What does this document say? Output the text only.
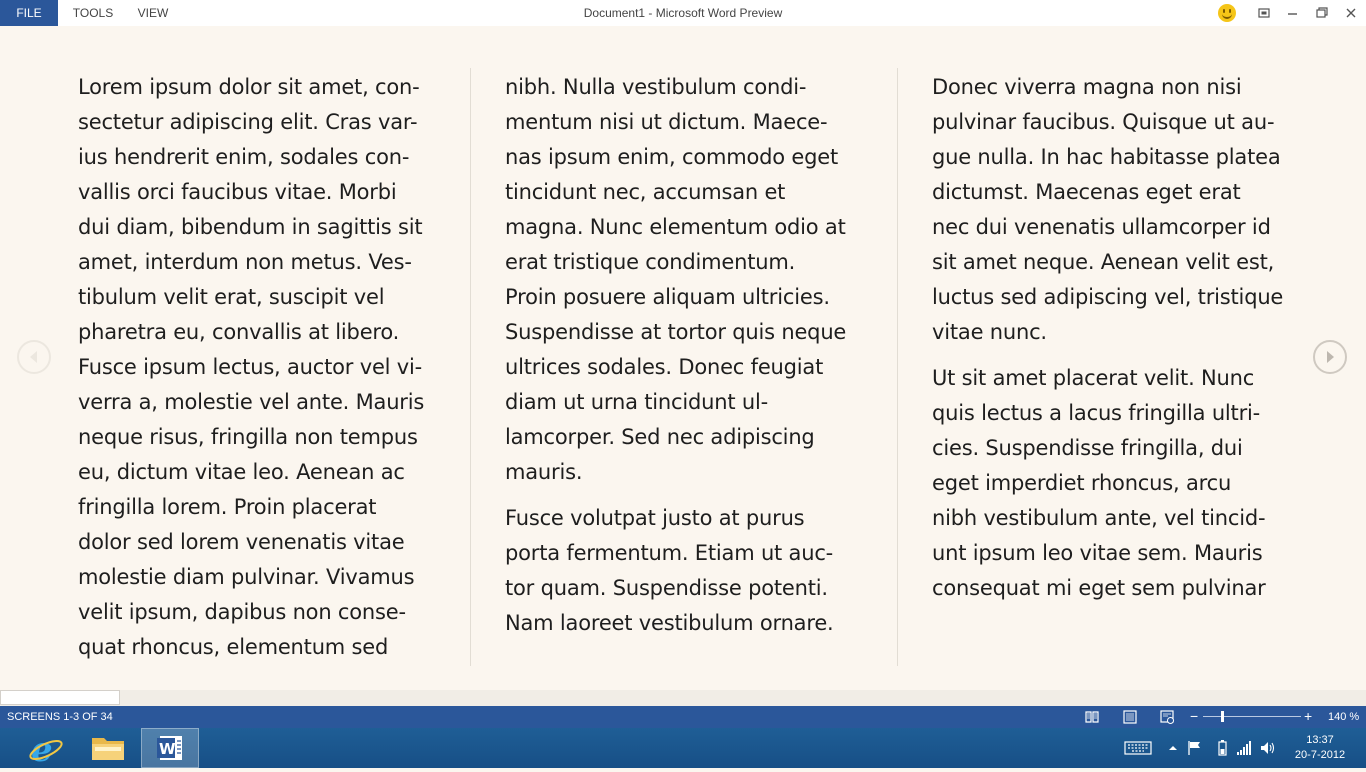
FILE	TOOLS	VIEW	Document1 - Microsoft Word Preview

Lorem ipsum dolor sit amet, con-
sectetur adipiscing elit. Cras var-
ius hendrerit enim, sodales con-
vallis orci faucibus vitae. Morbi
dui diam, bibendum in sagittis sit
amet, interdum non metus. Ves-
tibulum velit erat, suscipit vel
pharetra eu, convallis at libero.
Fusce ipsum lectus, auctor vel vi-
verra a, molestie vel ante. Mauris
neque risus, fringilla non tempus
eu, dictum vitae leo. Aenean ac
fringilla lorem. Proin placerat
dolor sed lorem venenatis vitae
molestie diam pulvinar. Vivamus
velit ipsum, dapibus non conse-
quat rhoncus, elementum sed

nibh. Nulla vestibulum condi-
mentum nisi ut dictum. Maece-
nas ipsum enim, commodo eget
tincidunt nec, accumsan et
magna. Nunc elementum odio at
erat tristique condimentum.
Proin posuere aliquam ultricies.
Suspendisse at tortor quis neque
ultrices sodales. Donec feugiat
diam ut urna tincidunt ul-
lamcorper. Sed nec adipiscing
mauris.

Fusce volutpat justo at purus
porta fermentum. Etiam ut auc-
tor quam. Suspendisse potenti.
Nam laoreet vestibulum ornare.

Donec viverra magna non nisi
pulvinar faucibus. Quisque ut au-
gue nulla. In hac habitasse platea
dictumst. Maecenas eget erat
nec dui venenatis ullamcorper id
sit amet neque. Aenean velit est,
luctus sed adipiscing vel, tristique
vitae nunc.

Ut sit amet placerat velit. Nunc
quis lectus a lacus fringilla ultri-
cies. Suspendisse fringilla, dui
eget imperdiet rhoncus, arcu
nibh vestibulum ante, vel tincid-
unt ipsum leo vitae sem. Mauris
consequat mi eget sem pulvinar

SCREENS 1-3 OF 34	−	+ 140 %
e	W	13:37
20-7-2012
